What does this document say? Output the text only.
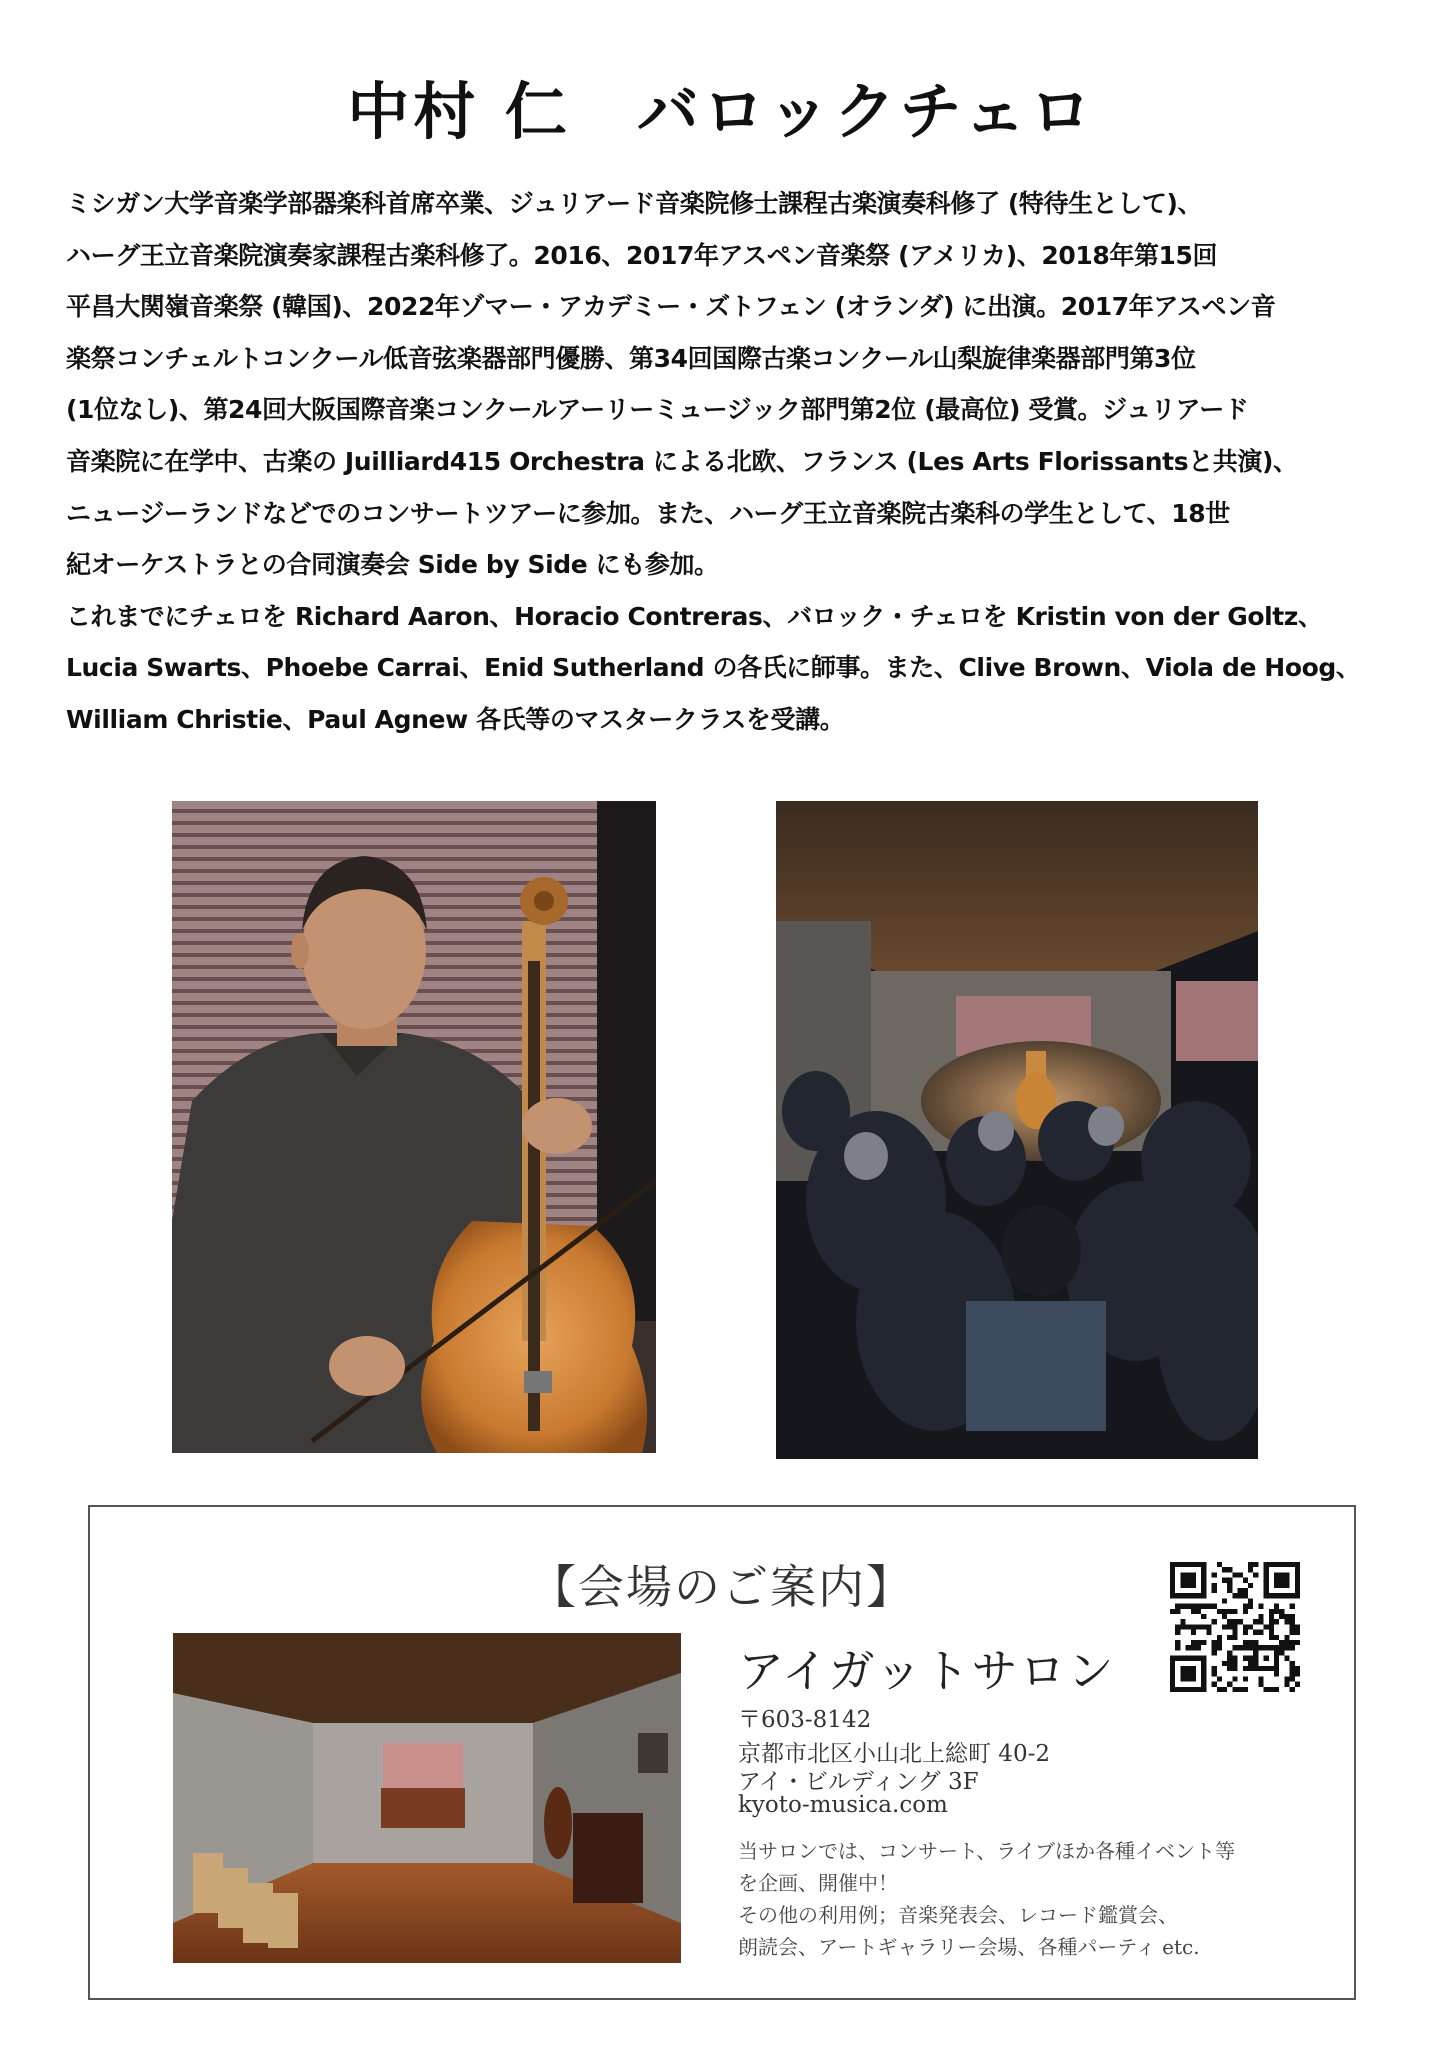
中村 仁　バロックチェロ

ミシガン大学音楽学部器楽科首席卒業、ジュリアード音楽院修士課程古楽演奏科修了 (特待生として)、

ハーグ王立音楽院演奏家課程古楽科修了。2016、2017年アスペン音楽祭 (アメリカ)、2018年第15回

平昌大関嶺音楽祭 (韓国)、2022年ゾマー・アカデミー・ズトフェン (オランダ) に出演。2017年アスペン音

楽祭コンチェルトコンクール低音弦楽器部門優勝、第34回国際古楽コンクール山梨旋律楽器部門第3位

(1位なし)、第24回大阪国際音楽コンクールアーリーミュージック部門第2位 (最高位) 受賞。ジュリアード

音楽院に在学中、古楽の Juilliard415 Orchestra による北欧、フランス (Les Arts Florissantsと共演)、

ニュージーランドなどでのコンサートツアーに参加。また、ハーグ王立音楽院古楽科の学生として、18世

紀オーケストラとの合同演奏会 Side by Side にも参加。

これまでにチェロを Richard Aaron、Horacio Contreras、バロック・チェロを Kristin von der Goltz、

Lucia Swarts、Phoebe Carrai、Enid Sutherland の各氏に師事。また、Clive Brown、Viola de Hoog、

William Christie、Paul Agnew 各氏等のマスタークラスを受講。

【会場のご案内】
アイガットサロン
〒603-8142
京都市北区小山北上総町 40-2
アイ・ビルディング 3F
kyoto-musica.com
当サロンでは、コンサート、ライブほか各種イベント等
を企画、開催中！
その他の利用例；音楽発表会、レコード鑑賞会、
朗読会、アートギャラリー会場、各種パーティ etc.
